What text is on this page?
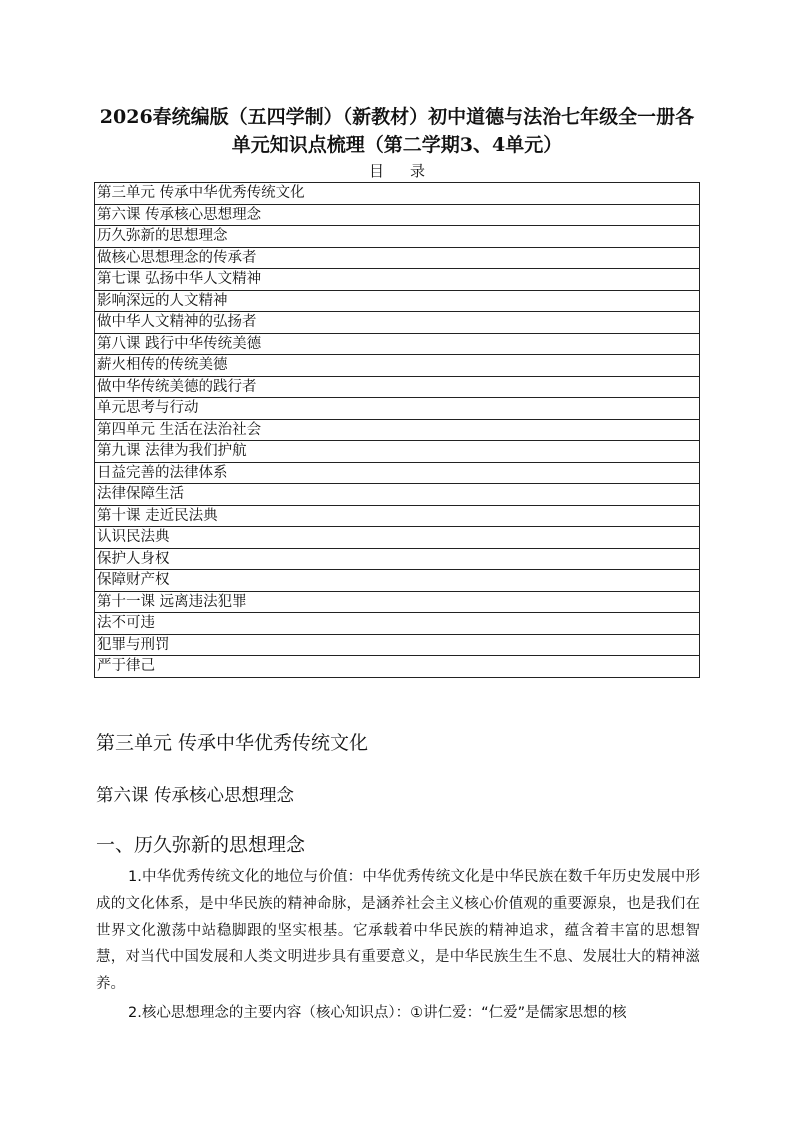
2026春统编版（五四学制）（新教材）初中道德与法治七年级全一册各单元知识点梳理（第二学期3、4单元）
目录
第三单元 传承中华优秀传统文化
第六课 传承核心思想理念
历久弥新的思想理念
做核心思想理念的传承者
第七课 弘扬中华人文精神
影响深远的人文精神
做中华人文精神的弘扬者
第八课 践行中华传统美德
薪火相传的传统美德
做中华传统美德的践行者
单元思考与行动
第四单元 生活在法治社会
第九课 法律为我们护航
日益完善的法律体系
法律保障生活
第十课 走近民法典
认识民法典
保护人身权
保障财产权
第十一课 远离违法犯罪
法不可违
犯罪与刑罚
严于律己
第三单元 传承中华优秀传统文化
第六课 传承核心思想理念
一、历久弥新的思想理念

1.中华优秀传统文化的地位与价值：中华优秀传统文化是中华民族在数千年历史发展中形成的文化体系，是中华民族的精神命脉，是涵养社会主义核心价值观的重要源泉，也是我们在世界文化激荡中站稳脚跟的坚实根基。它承载着中华民族的精神追求，蕴含着丰富的思想智慧，对当代中国发展和人类文明进步具有重要意义，是中华民族生生不息、发展壮大的精神滋养。

2.核心思想理念的主要内容（核心知识点）：①讲仁爱：“仁爱”是儒家思想的核
